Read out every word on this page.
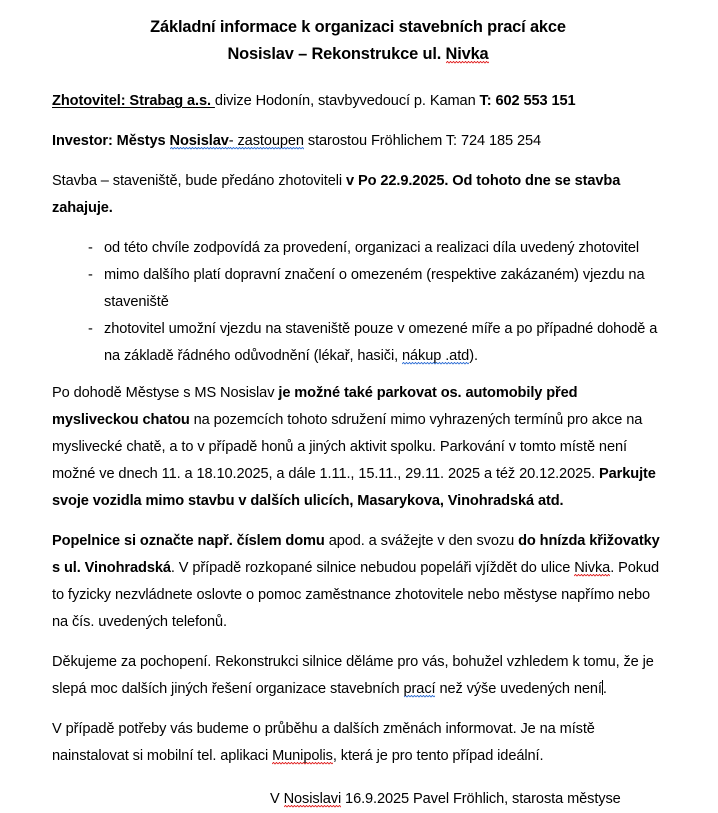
Základní informace k organizaci stavebních prací akce
Nosislav – Rekonstrukce ul. Nivka

Zhotovitel: Strabag a.s. divize Hodonín, stavbyvedoucí p. Kaman T: 602 553 151

Investor: Městys Nosislav- zastoupen starostou Fröhlichem T: 724 185 254

Stavba – staveniště, bude předáno zhotoviteli v Po 22.9.2025. Od tohoto dne se stavba zahajuje.

- od této chvíle zodpovídá za provedení, organizaci a realizaci díla uvedený zhotovitel
- mimo dalšího platí dopravní značení o omezeném (respektive zakázaném) vjezdu na staveniště
- zhotovitel umožní vjezdu na staveniště pouze v omezené míře a po případné dohodě a na základě řádného odůvodnění (lékař, hasiči, nákup .atd).

Po dohodě Městyse s MS Nosislav je možné také parkovat os. automobily před mysliveckou chatou na pozemcích tohoto sdružení mimo vyhrazených termínů pro akce na myslivecké chatě, a to v případě honů a jiných aktivit spolku. Parkování v tomto místě není možné ve dnech 11. a 18.10.2025, a dále 1.11., 15.11., 29.11. 2025 a též 20.12.2025. Parkujte svoje vozidla mimo stavbu v dalších ulicích, Masarykova, Vinohradská atd.

Popelnice si označte např. číslem domu apod. a svážejte v den svozu do hnízda křižovatky s ul. Vinohradská. V případě rozkopané silnice nebudou popeláři vjíždět do ulice Nivka. Pokud to fyzicky nezvládnete oslovte o pomoc zaměstnance zhotovitele nebo městyse napřímo nebo na čís. uvedených telefonů.

Děkujeme za pochopení. Rekonstrukci silnice děláme pro vás, bohužel vzhledem k tomu, že je slepá moc dalších jiných řešení organizace stavebních prací než výše uvedených není.

V případě potřeby vás budeme o průběhu a dalších změnách informovat. Je na místě nainstalovat si mobilní tel. aplikaci Munipolis, která je pro tento případ ideální.

V Nosislavi 16.9.2025 Pavel Fröhlich, starosta městyse
